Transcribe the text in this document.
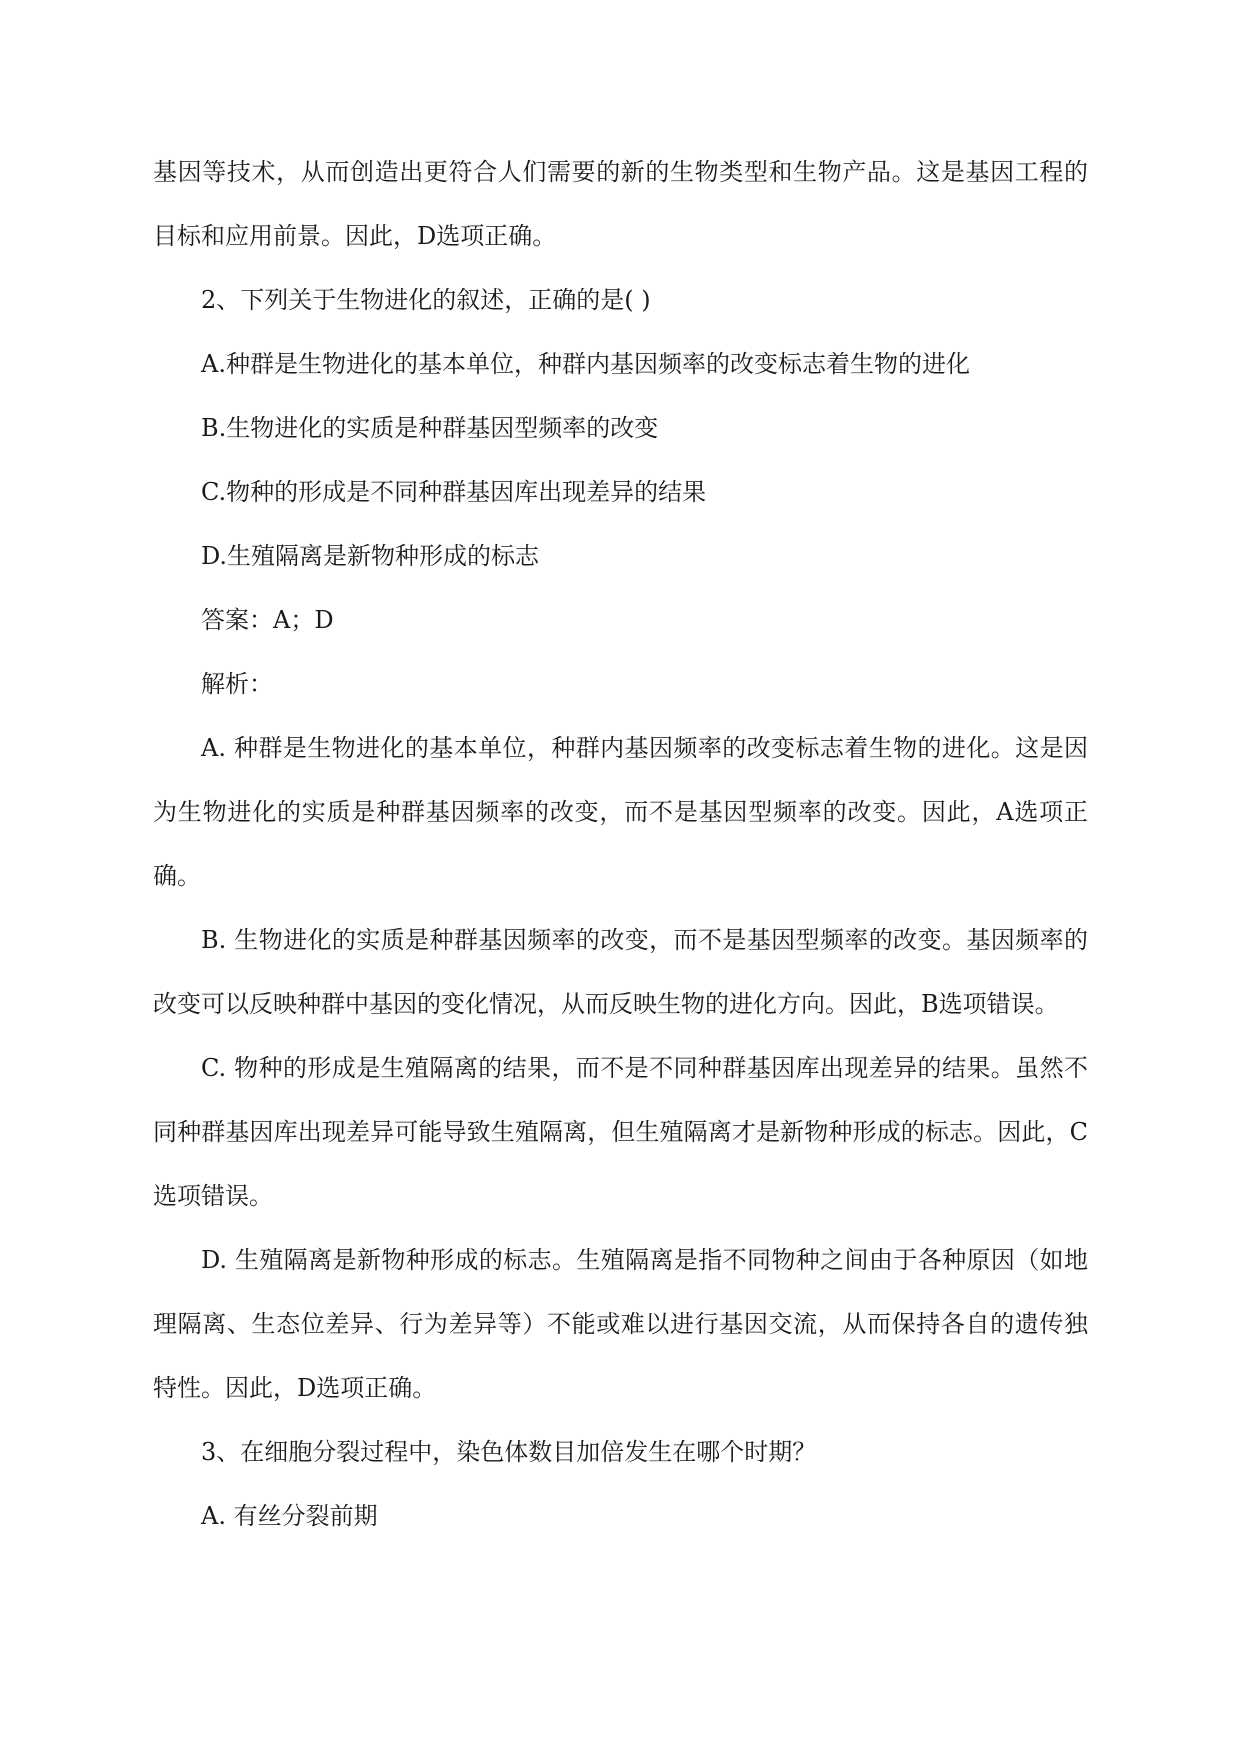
基因等技术，从而创造出更符合人们需要的新的生物类型和生物产品。这是基因工程的目标和应用前景。因此，D选项正确。

2、下列关于生物进化的叙述，正确的是( )

A.种群是生物进化的基本单位，种群内基因频率的改变标志着生物的进化

B.生物进化的实质是种群基因型频率的改变

C.物种的形成是不同种群基因库出现差异的结果

D.生殖隔离是新物种形成的标志

答案：A；D

解析：

A. 种群是生物进化的基本单位，种群内基因频率的改变标志着生物的进化。这是因为生物进化的实质是种群基因频率的改变，而不是基因型频率的改变。因此，A选项正确。

B. 生物进化的实质是种群基因频率的改变，而不是基因型频率的改变。基因频率的改变可以反映种群中基因的变化情况，从而反映生物的进化方向。因此，B选项错误。

C. 物种的形成是生殖隔离的结果，而不是不同种群基因库出现差异的结果。虽然不同种群基因库出现差异可能导致生殖隔离，但生殖隔离才是新物种形成的标志。因此，C选项错误。

D. 生殖隔离是新物种形成的标志。生殖隔离是指不同物种之间由于各种原因（如地理隔离、生态位差异、行为差异等）不能或难以进行基因交流，从而保持各自的遗传独特性。因此，D选项正确。

3、在细胞分裂过程中，染色体数目加倍发生在哪个时期？

A. 有丝分裂前期
